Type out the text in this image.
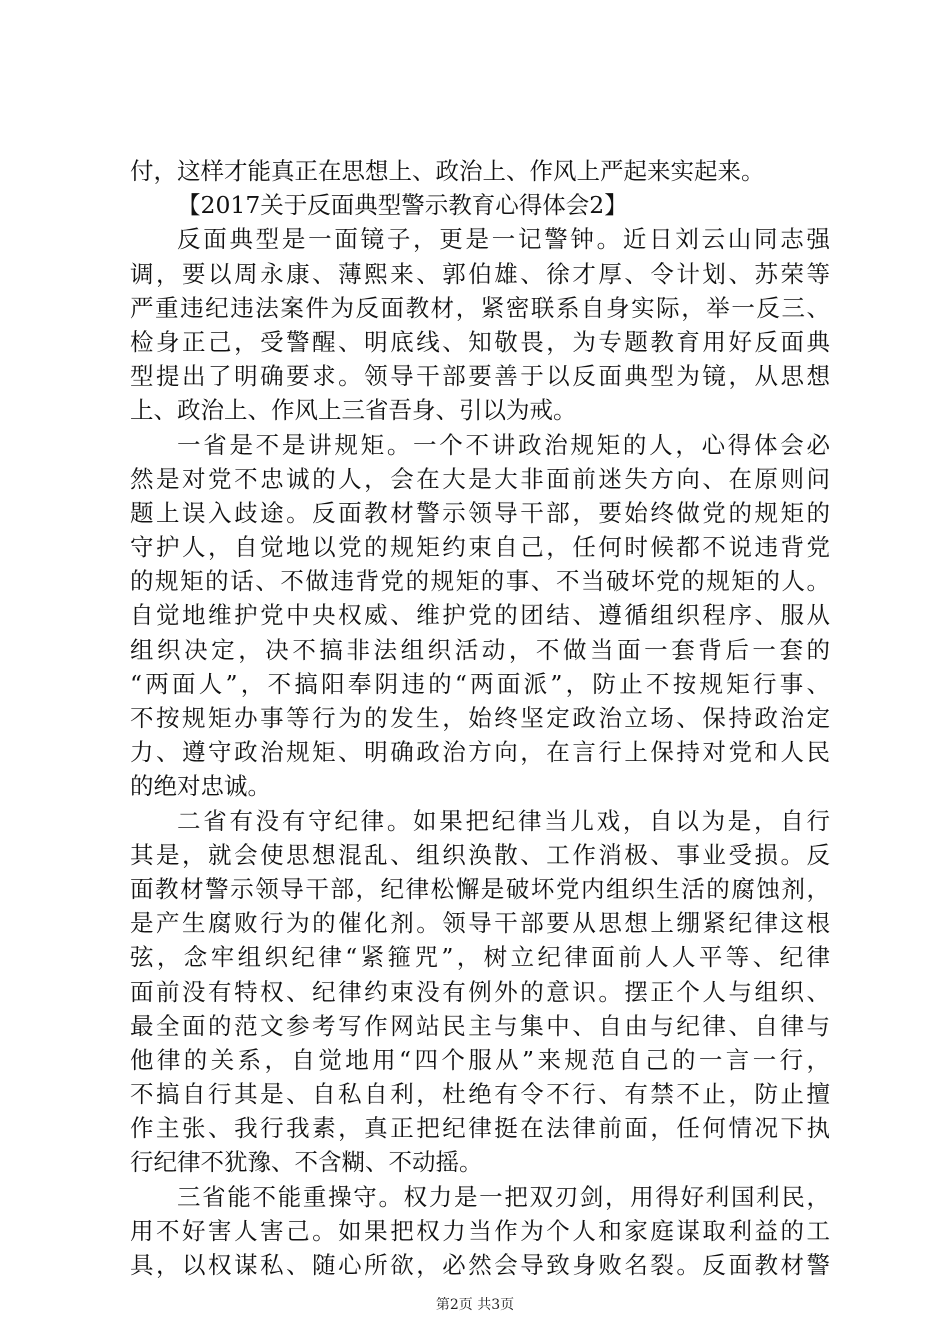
付，这样才能真正在思想上、政治上、作风上严起来实起来。
【2017关于反面典型警示教育心得体会2】
反面典型是一面镜子，更是一记警钟。近日刘云山同志强
调，要以周永康、薄熙来、郭伯雄、徐才厚、令计划、苏荣等
严重违纪违法案件为反面教材，紧密联系自身实际，举一反三、
检身正己，受警醒、明底线、知敬畏，为专题教育用好反面典
型提出了明确要求。领导干部要善于以反面典型为镜，从思想
上、政治上、作风上三省吾身、引以为戒。
一省是不是讲规矩。一个不讲政治规矩的人，心得体会必
然是对党不忠诚的人，会在大是大非面前迷失方向、在原则问
题上误入歧途。反面教材警示领导干部，要始终做党的规矩的
守护人，自觉地以党的规矩约束自己，任何时候都不说违背党
的规矩的话、不做违背党的规矩的事、不当破坏党的规矩的人。
自觉地维护党中央权威、维护党的团结、遵循组织程序、服从
组织决定，决不搞非法组织活动，不做当面一套背后一套的
“两面人”，不搞阳奉阴违的“两面派”，防止不按规矩行事、
不按规矩办事等行为的发生，始终坚定政治立场、保持政治定
力、遵守政治规矩、明确政治方向，在言行上保持对党和人民
的绝对忠诚。
二省有没有守纪律。如果把纪律当儿戏，自以为是，自行
其是，就会使思想混乱、组织涣散、工作消极、事业受损。反
面教材警示领导干部，纪律松懈是破坏党内组织生活的腐蚀剂，
是产生腐败行为的催化剂。领导干部要从思想上绷紧纪律这根
弦，念牢组织纪律“紧箍咒”，树立纪律面前人人平等、纪律
面前没有特权、纪律约束没有例外的意识。摆正个人与组织、
最全面的范文参考写作网站民主与集中、自由与纪律、自律与
他律的关系，自觉地用“四个服从”来规范自己的一言一行，
不搞自行其是、自私自利，杜绝有令不行、有禁不止，防止擅
作主张、我行我素，真正把纪律挺在法律前面，任何情况下执
行纪律不犹豫、不含糊、不动摇。
三省能不能重操守。权力是一把双刃剑，用得好利国利民，
用不好害人害己。如果把权力当作为个人和家庭谋取利益的工
具，以权谋私、随心所欲，必然会导致身败名裂。反面教材警
第2页 共3页
